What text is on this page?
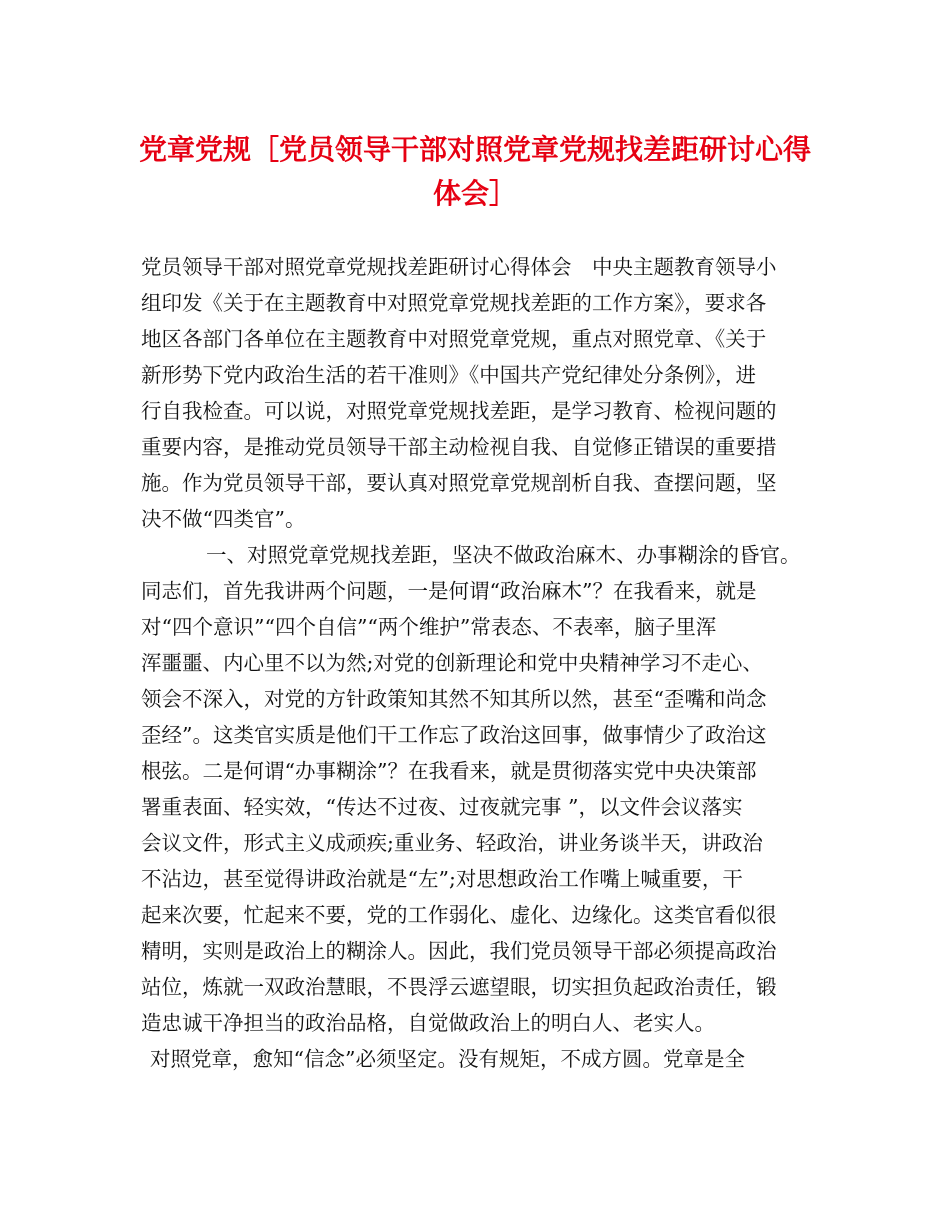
党章党规［党员领导干部对照党章党规找差距研讨心得
体会］
党员领导干部对照党章党规找差距研讨心得体会　中央主题教育领导小
组印发《关于在主题教育中对照党章党规找差距的工作方案》，要求各
地区各部门各单位在主题教育中对照党章党规，重点对照党章、《关于
新形势下党内政治生活的若干准则》《中国共产党纪律处分条例》，进
行自我检查。可以说，对照党章党规找差距，是学习教育、检视问题的
重要内容，是推动党员领导干部主动检视自我、自觉修正错误的重要措
施。作为党员领导干部，要认真对照党章党规剖析自我、查摆问题，坚
决不做“四类官”。
一、对照党章党规找差距，坚决不做政治麻木、办事糊涂的昏官。
同志们，首先我讲两个问题，一是何谓“政治麻木”？在我看来，就是
对“四个意识”“四个自信”“两个维护”常表态、不表率，脑子里浑
浑噩噩、内心里不以为然;对党的创新理论和党中央精神学习不走心、
领会不深入，对党的方针政策知其然不知其所以然，甚至“歪嘴和尚念
歪经”。这类官实质是他们干工作忘了政治这回事，做事情少了政治这
根弦。二是何谓“办事糊涂”？在我看来，就是贯彻落实党中央决策部
署重表面、轻实效，“传达不过夜、过夜就完事 ”，以文件会议落实
会议文件，形式主义成顽疾;重业务、轻政治，讲业务谈半天，讲政治
不沾边，甚至觉得讲政治就是“左”;对思想政治工作嘴上喊重要，干
起来次要，忙起来不要，党的工作弱化、虚化、边缘化。这类官看似很
精明，实则是政治上的糊涂人。因此，我们党员领导干部必须提高政治
站位，炼就一双政治慧眼，不畏浮云遮望眼，切实担负起政治责任，锻
造忠诚干净担当的政治品格，自觉做政治上的明白人、老实人。
对照党章，愈知“信念”必须坚定。没有规矩，不成方圆。党章是全
